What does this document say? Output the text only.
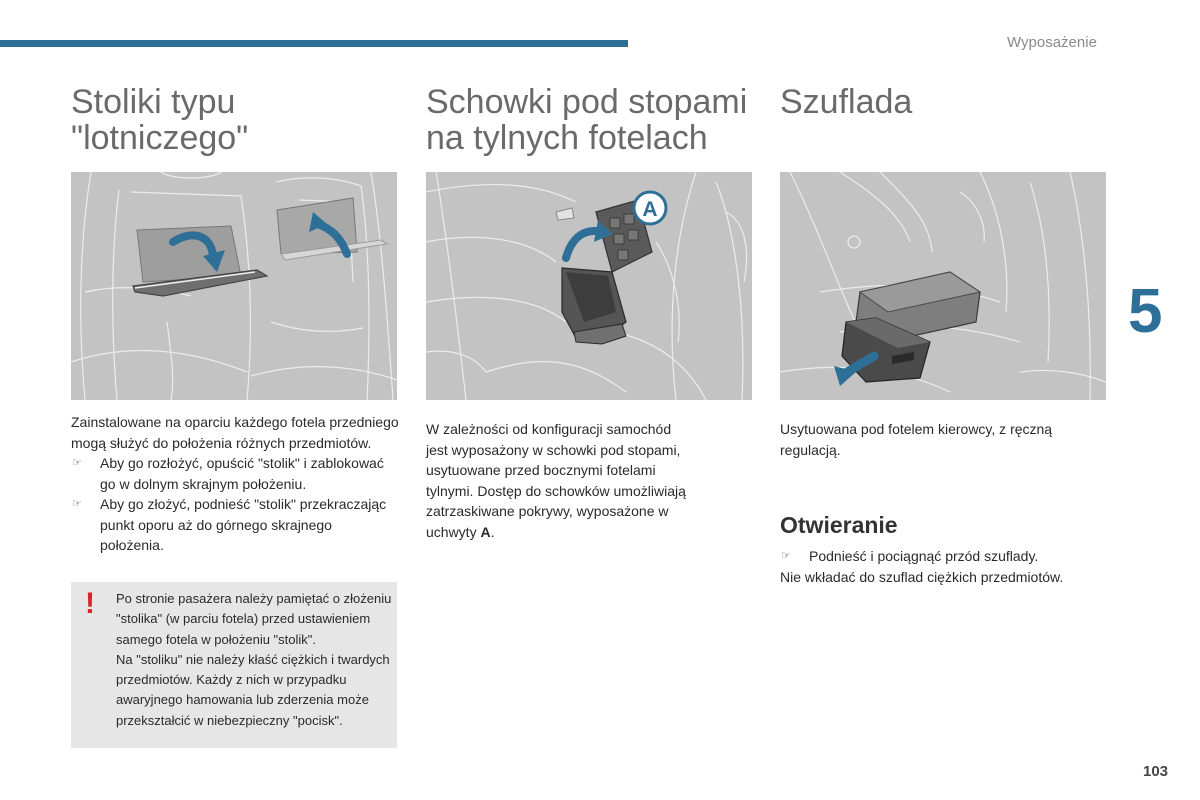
Wyposażenie
5
103
Stoliki typu
"lotniczego"

Zainstalowane na oparciu każdego fotela przedniego

mogą służyć do położenia różnych przedmiotów.

☞ Aby go rozłożyć, opuścić "stolik" i zablokować
go w dolnym skrajnym położeniu.
☞ Aby go złożyć, podnieść "stolik" przekraczając
punkt oporu aż do górnego skrajnego
położenia.
! Po stronie pasażera należy pamiętać o złożeniu
"stolika" (w parciu fotela) przed ustawieniem
samego fotela w położeniu "stolik".
Na "stoliku" nie należy kłaść ciężkich i twardych
przedmiotów. Każdy z nich w przypadku
awaryjnego hamowania lub zderzenia może
przekształcić w niebezpieczny "pocisk".
Schowki pod stopami
na tylnych fotelach
A

W zależności od konfiguracji samochód

jest wyposażony w schowki pod stopami,

usytuowane przed bocznymi fotelami

tylnymi. Dostęp do schowków umożliwiają

zatrzaskiwane pokrywy, wyposażone w

uchwyty A.

Szuflada

Usytuowana pod fotelem kierowcy, z ręczną

regulacją.

Otwieranie
☞ Podnieść i pociągnąć przód szuflady.

Nie wkładać do szuflad ciężkich przedmiotów.
